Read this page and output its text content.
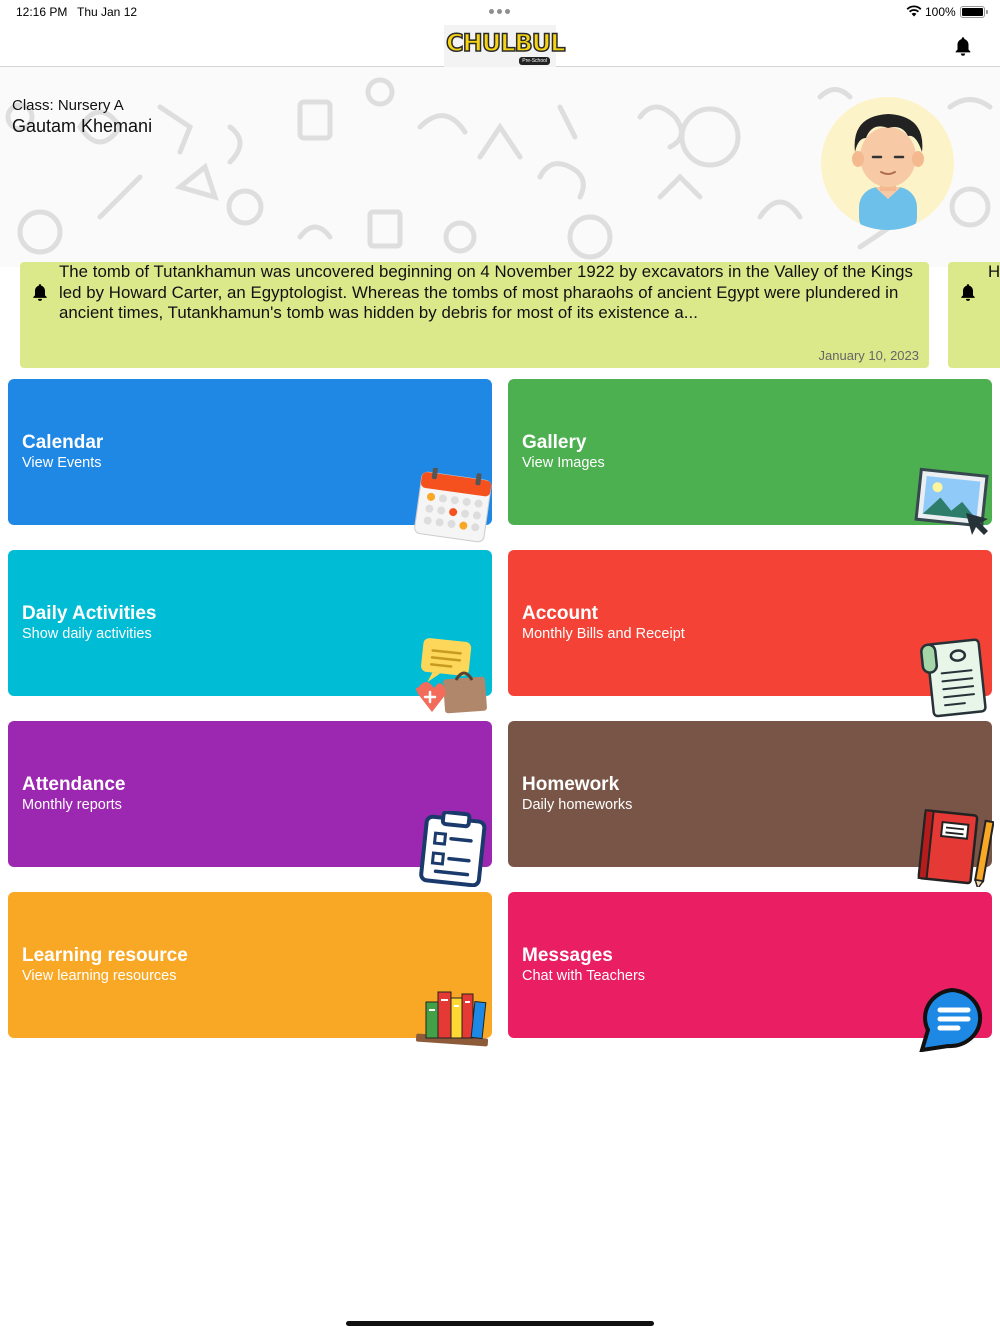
12:16 PM Thu Jan 12	100%
CHULBUL
Pre-School
Class: Nursery A
Gautam Khemani
The tomb of Tutankhamun was uncovered beginning on 4 November 1922 by excavators in the Valley of the Kings led by Howard Carter, an Egyptologist. Whereas the tombs of most pharaohs of ancient Egypt were plundered in ancient times, Tutankhamun's tomb was hidden by debris for most of its existence a...
January 10, 2023
H
Calendar
View Events
Gallery
View Images
Daily Activities
Show daily activities
Account
Monthly Bills and Receipt
Attendance
Monthly reports
Homework
Daily homeworks
Learning resource
View learning resources
Messages
Chat with Teachers
